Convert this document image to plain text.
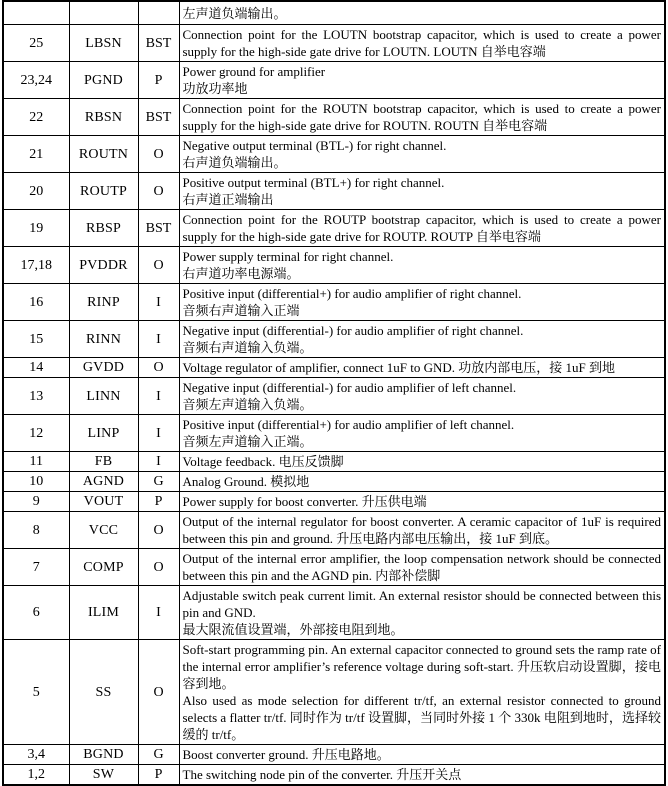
			左声道负端输出。

25	LBSN	BST	Connection point for the LOUTN bootstrap capacitor, which is used to create a power supply for the high-side gate drive for LOUTN. LOUTN 自举电容端

23,24	PGND	P	Power ground for amplifier
功放功率地

22	RBSN	BST	Connection point for the ROUTN bootstrap capacitor, which is used to create a power supply for the high-side gate drive for ROUTN. ROUTN 自举电容端

21	ROUTN	O	Negative output terminal (BTL-) for right channel.
右声道负端输出。

20	ROUTP	O	Positive output terminal (BTL+) for right channel.
右声道正端输出

19	RBSP	BST	Connection point for the ROUTP bootstrap capacitor, which is used to create a power supply for the high-side gate drive for ROUTP. ROUTP 自举电容端

17,18	PVDDR	O	Power supply terminal for right channel.
右声道功率电源端。

16	RINP	I	Positive input (differential+) for audio amplifier of right channel.
音频右声道输入正端

15	RINN	I	Negative input (differential-) for audio amplifier of right channel.
音频右声道输入负端。

14	GVDD	O	Voltage regulator of amplifier, connect 1uF to GND. 功放内部电压，接 1uF 到地

13	LINN	I	Negative input (differential-) for audio amplifier of left channel.
音频左声道输入负端。

12	LINP	I	Positive input (differential+) for audio amplifier of left channel.
音频左声道输入正端。

11	FB	I	Voltage feedback. 电压反馈脚

10	AGND	G	Analog Ground. 模拟地

9	VOUT	P	Power supply for boost converter. 升压供电端

8	VCC	O	Output of the internal regulator for boost converter. A ceramic capacitor of 1uF is required between this pin and ground. 升压电路内部电压输出，接 1uF 到底。

7	COMP	O	Output of the internal error amplifier, the loop compensation network should be connected between this pin and the AGND pin. 内部补偿脚

6	ILIM	I	Adjustable switch peak current limit. An external resistor should be connected between this pin and GND.
最大限流值设置端，外部接电阻到地。

5	SS	O	Soft-start programming pin. An external capacitor connected to ground sets the ramp rate of the internal error amplifier’s reference voltage during soft-start. 升压软启动设置脚，接电容到地。
Also used as mode selection for different tr/tf, an external resistor connected to ground selects a flatter tr/tf. 同时作为 tr/tf 设置脚，当同时外接 1 个 330k 电阻到地时，选择较缓的 tr/tf。

3,4	BGND	G	Boost converter ground. 升压电路地。

1,2	SW	P	The switching node pin of the converter. 升压开关点
